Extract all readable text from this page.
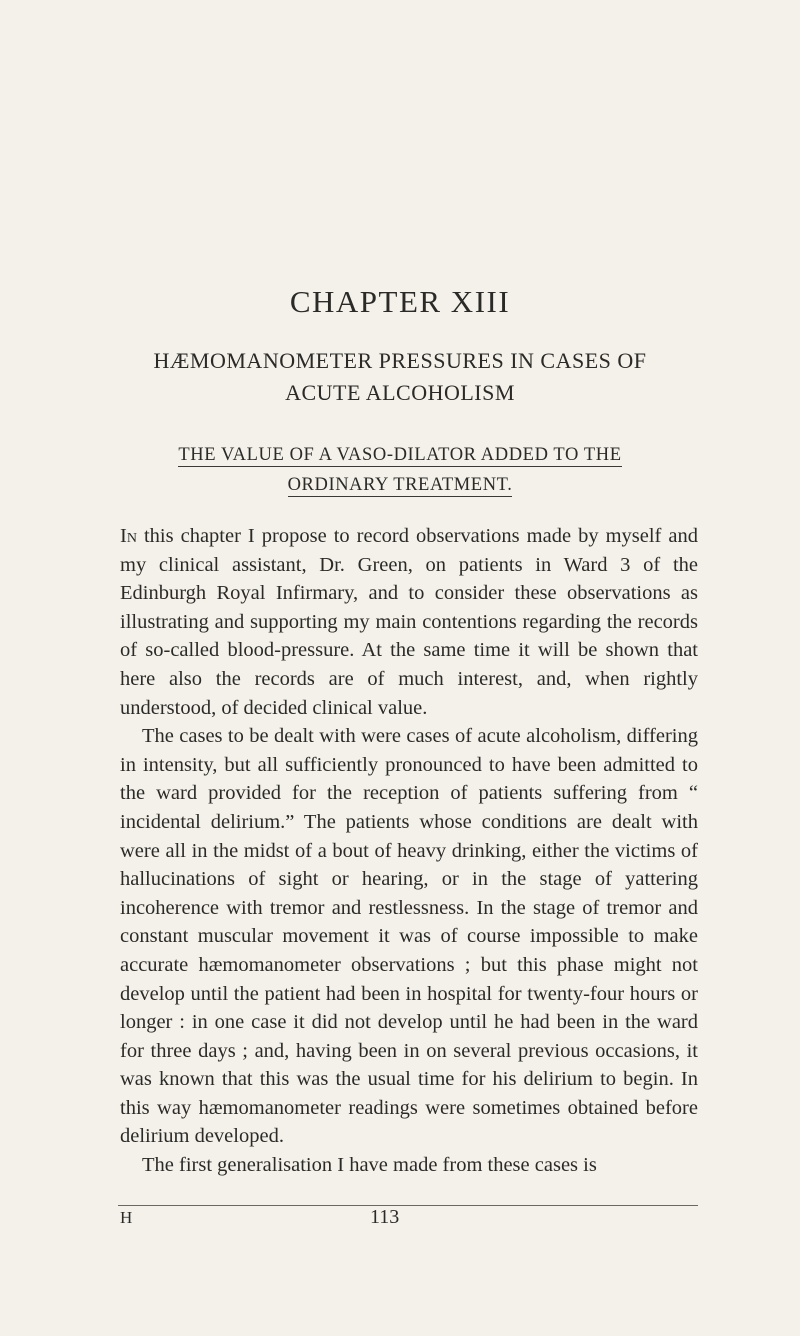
CHAPTER XIII
HÆMOMANOMETER PRESSURES IN CASES OF
ACUTE ALCOHOLISM
THE VALUE OF A VASO-DILATOR ADDED TO THE
ORDINARY TREATMENT.

In this chapter I propose to record observations made by myself and my clinical assistant, Dr. Green, on patients in Ward 3 of the Edinburgh Royal Infirmary, and to consider these observations as illustrating and supporting my main contentions regarding the records of so-called blood-pressure. At the same time it will be shown that here also the records are of much interest, and, when rightly understood, of decided clinical value.

The cases to be dealt with were cases of acute alcoholism, differing in intensity, but all sufficiently pronounced to have been admitted to the ward provided for the reception of patients suffering from “ incidental delirium.” The patients whose conditions are dealt with were all in the midst of a bout of heavy drinking, either the victims of hallucinations of sight or hearing, or in the stage of yattering incoherence with tremor and restlessness. In the stage of tremor and constant muscular movement it was of course impossible to make accurate hæmomanometer observations ; but this phase might not develop until the patient had been in hospital for twenty-four hours or longer : in one case it did not develop until he had been in the ward for three days ; and, having been in on several previous occasions, it was known that this was the usual time for his delirium to begin. In this way hæmomanometer readings were sometimes obtained before delirium developed.

The first generalisation I have made from these cases is

H	113
